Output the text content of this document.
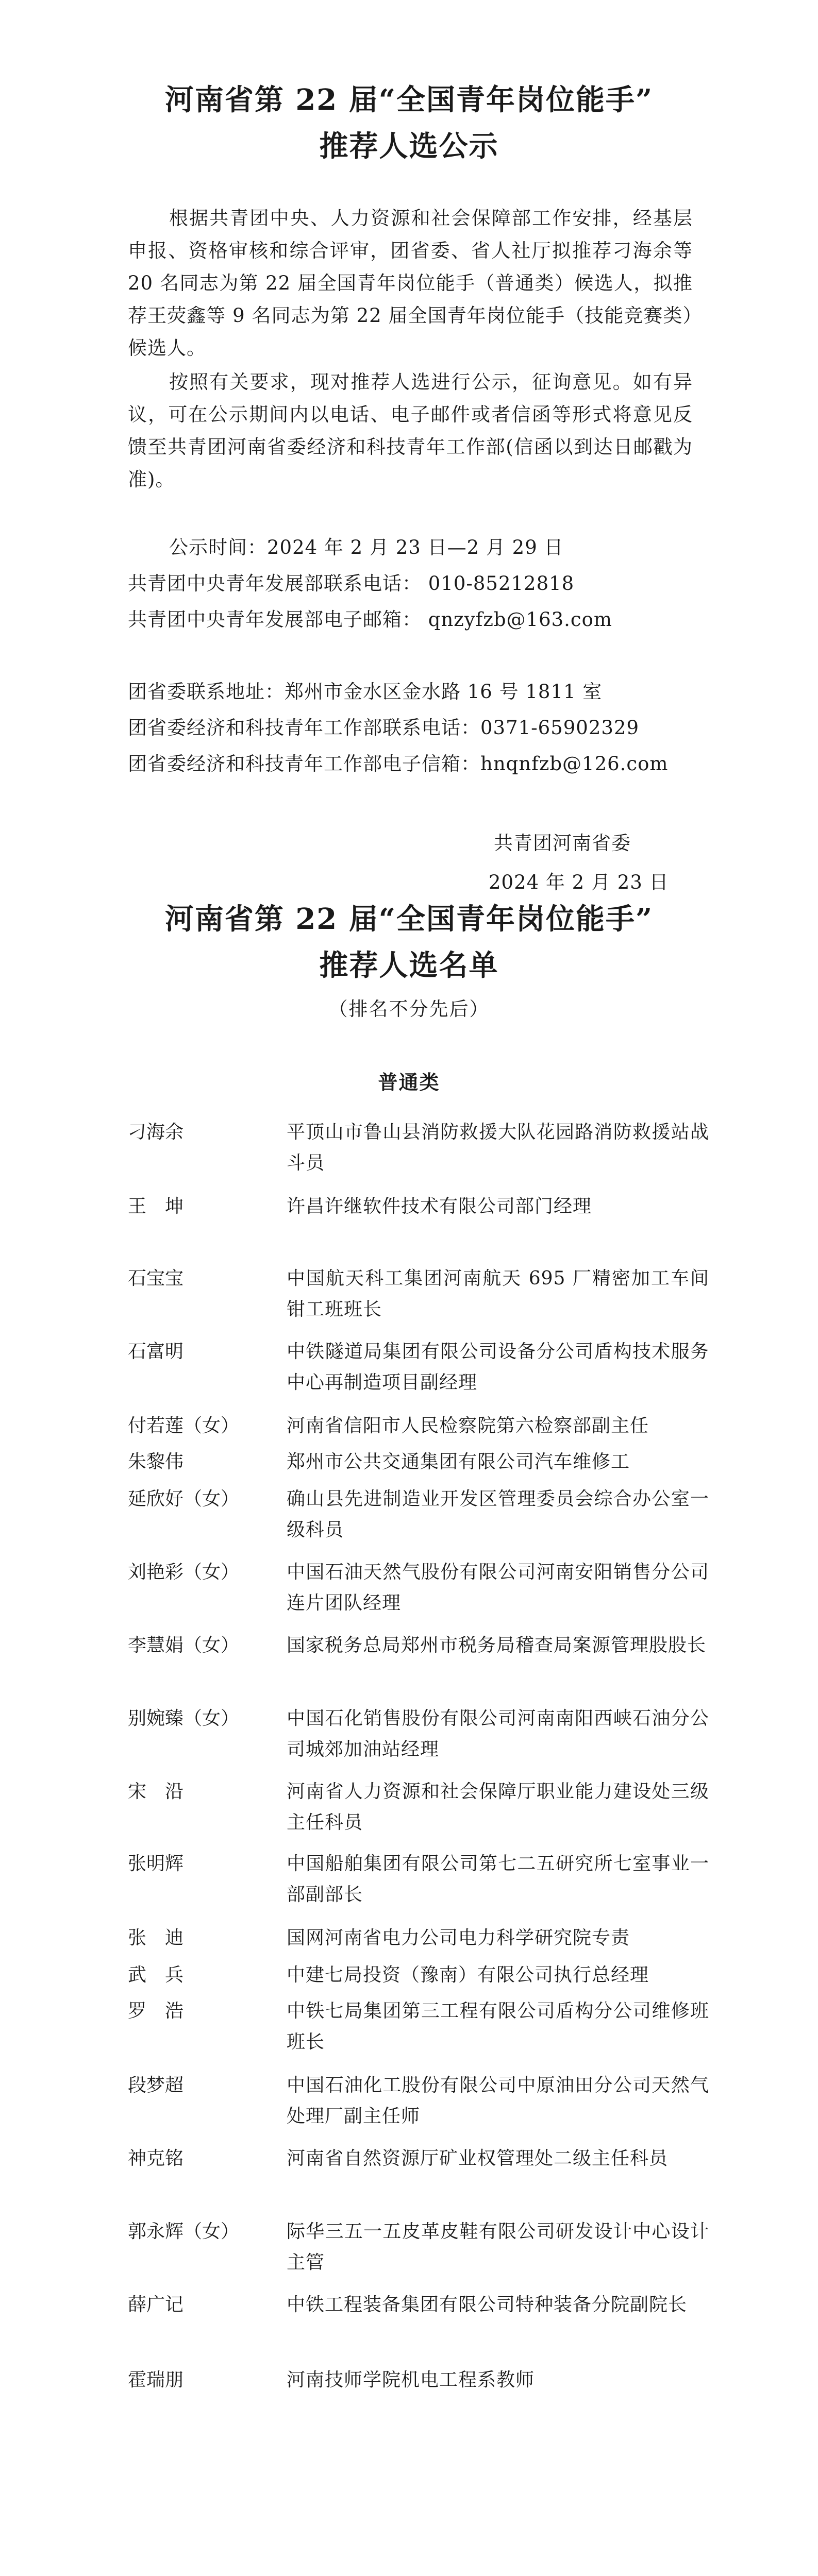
河南省第 22 届“全国青年岗位能手”
推荐人选公示

根据共青团中央、人力资源和社会保障部工作安排，经基层申报、资格审核和综合评审，团省委、省人社厅拟推荐刁海余等 20 名同志为第 22 届全国青年岗位能手（普通类）候选人，拟推荐王荧鑫等 9 名同志为第 22 届全国青年岗位能手（技能竞赛类）候选人。

按照有关要求，现对推荐人选进行公示，征询意见。如有异议，可在公示期间内以电话、电子邮件或者信函等形式将意见反馈至共青团河南省委经济和科技青年工作部(信函以到达日邮戳为准)。

公示时间：2024 年 2 月 23 日—2 月 29 日
共青团中央青年发展部联系电话： 010-85212818
共青团中央青年发展部电子邮箱： qnzyfzb@163.com
团省委联系地址：郑州市金水区金水路 16 号 1811 室
团省委经济和科技青年工作部联系电话：0371-65902329
团省委经济和科技青年工作部电子信箱：hnqnfzb@126.com
共青团河南省委
2024 年 2 月 23 日
河南省第 22 届“全国青年岗位能手”
推荐人选名单
（排名不分先后）
普通类
刁海余	平顶山市鲁山县消防救援大队花园路消防救援站战斗员
王　坤	许昌许继软件技术有限公司部门经理
石宝宝	中国航天科工集团河南航天 695 厂精密加工车间钳工班班长
石富明	中铁隧道局集团有限公司设备分公司盾构技术服务中心再制造项目副经理
付若莲（女）	河南省信阳市人民检察院第六检察部副主任
朱黎伟	郑州市公共交通集团有限公司汽车维修工
延欣好（女）	确山县先进制造业开发区管理委员会综合办公室一级科员
刘艳彩（女）	中国石油天然气股份有限公司河南安阳销售分公司连片团队经理
李慧娟（女）	国家税务总局郑州市税务局稽查局案源管理股股长
别婉臻（女）	中国石化销售股份有限公司河南南阳西峡石油分公司城郊加油站经理
宋　沿	河南省人力资源和社会保障厅职业能力建设处三级主任科员
张明辉	中国船舶集团有限公司第七二五研究所七室事业一部副部长
张　迪	国网河南省电力公司电力科学研究院专责
武　兵	中建七局投资（豫南）有限公司执行总经理
罗　浩	中铁七局集团第三工程有限公司盾构分公司维修班班长
段梦超	中国石油化工股份有限公司中原油田分公司天然气处理厂副主任师
神克铭	河南省自然资源厅矿业权管理处二级主任科员
郭永辉（女）	际华三五一五皮革皮鞋有限公司研发设计中心设计主管
薛广记	中铁工程装备集团有限公司特种装备分院副院长
霍瑞朋	河南技师学院机电工程系教师
